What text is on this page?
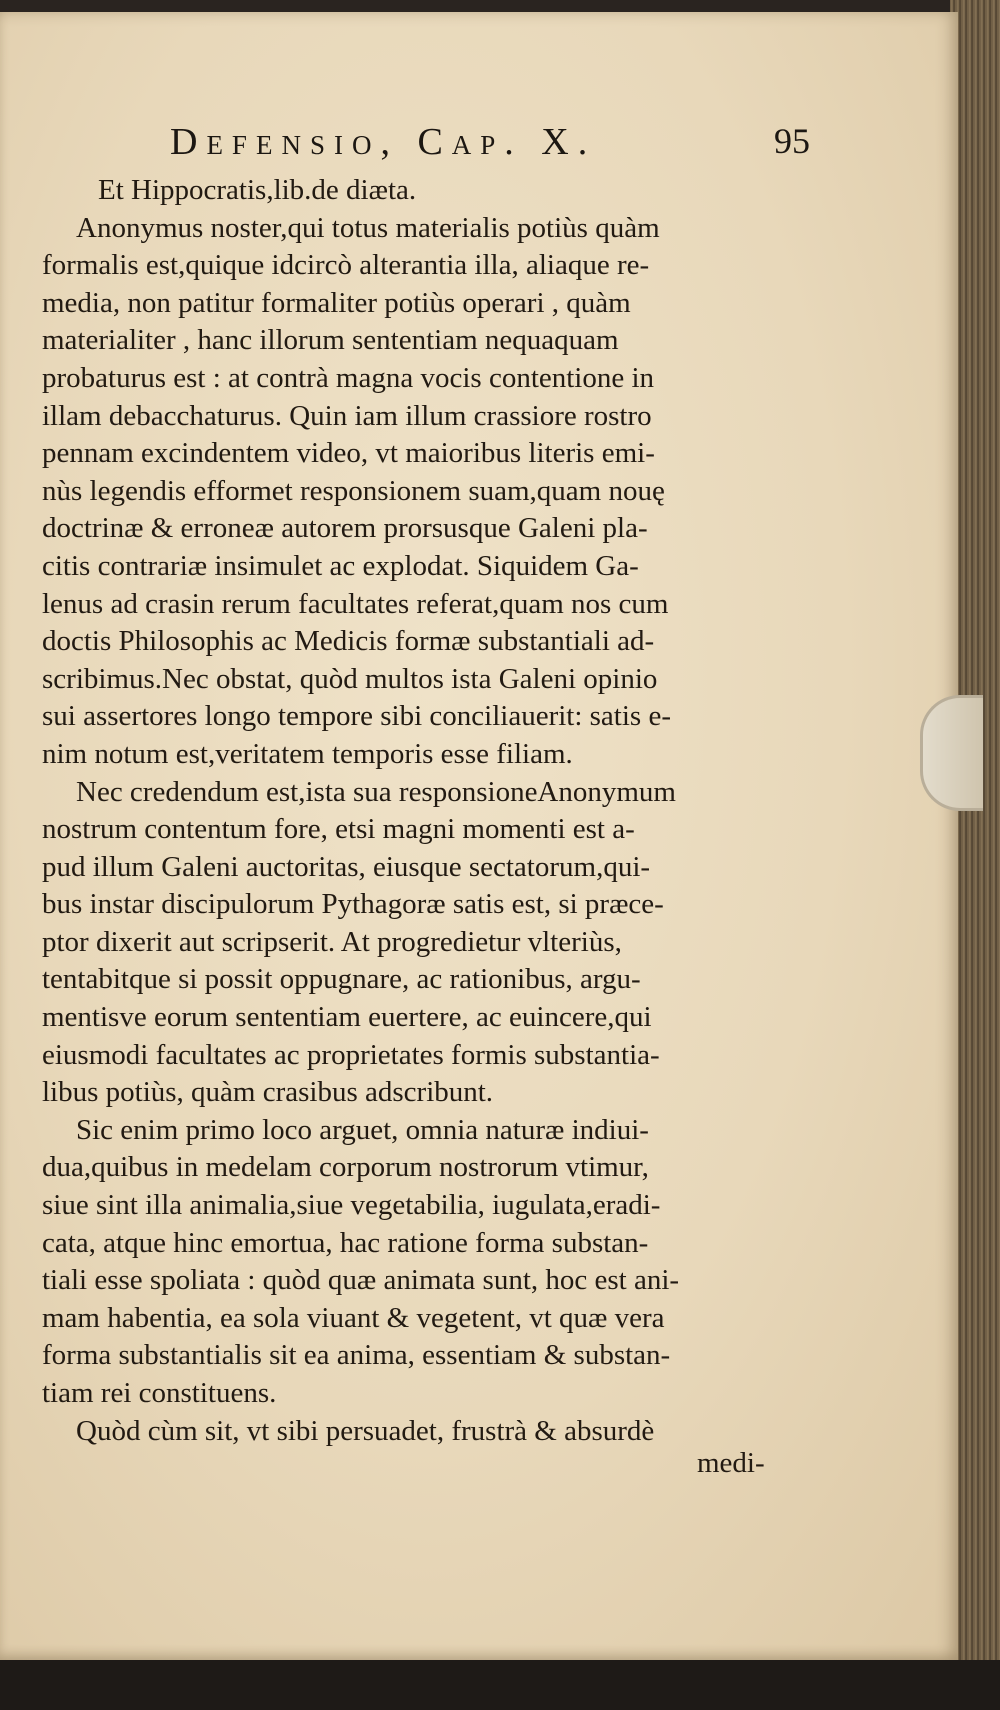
Defensio, Cap. X.	95
Et Hippocratis,lib.de diæta.
Anonymus noster,qui totus materialis potiùs quàm
formalis est,quique idcircò alterantia illa, aliaque re-
media, non patitur formaliter potiùs operari , quàm
materialiter , hanc illorum sententiam nequaquam
probaturus est : at contrà magna vocis contentione in
illam debacchaturus. Quin iam illum crassiore rostro
pennam excindentem video, vt maioribus literis emi-
nùs legendis efformet responsionem suam,quam nouę
doctrinæ & erroneæ autorem prorsusque Galeni pla-
citis contrariæ insimulet ac explodat. Siquidem Ga-
lenus ad crasin rerum facultates referat,quam nos cum
doctis Philosophis ac Medicis formæ substantiali ad-
scribimus.Nec obstat, quòd multos ista Galeni opinio
sui assertores longo tempore sibi conciliauerit: satis e-
nim notum est,veritatem temporis esse filiam.
Nec credendum est,ista sua responsioneAnonymum
nostrum contentum fore, etsi magni momenti est a-
pud illum Galeni auctoritas, eiusque sectatorum,qui-
bus instar discipulorum Pythagoræ satis est, si præce-
ptor dixerit aut scripserit. At progredietur vlteriùs,
tentabitque si possit oppugnare, ac rationibus, argu-
mentisve eorum sententiam euertere, ac euincere,qui
eiusmodi facultates ac proprietates formis substantia-
libus potiùs, quàm crasibus adscribunt.
Sic enim primo loco arguet, omnia naturæ indiui-
dua,quibus in medelam corporum nostrorum vtimur,
siue sint illa animalia,siue vegetabilia, iugulata,eradi-
cata, atque hinc emortua, hac ratione forma substan-
tiali esse spoliata : quòd quæ animata sunt, hoc est ani-
mam habentia, ea sola viuant & vegetent, vt quæ vera
forma substantialis sit ea anima, essentiam & substan-
tiam rei constituens.
Quòd cùm sit, vt sibi persuadet, frustrà & absurdè
medi-
